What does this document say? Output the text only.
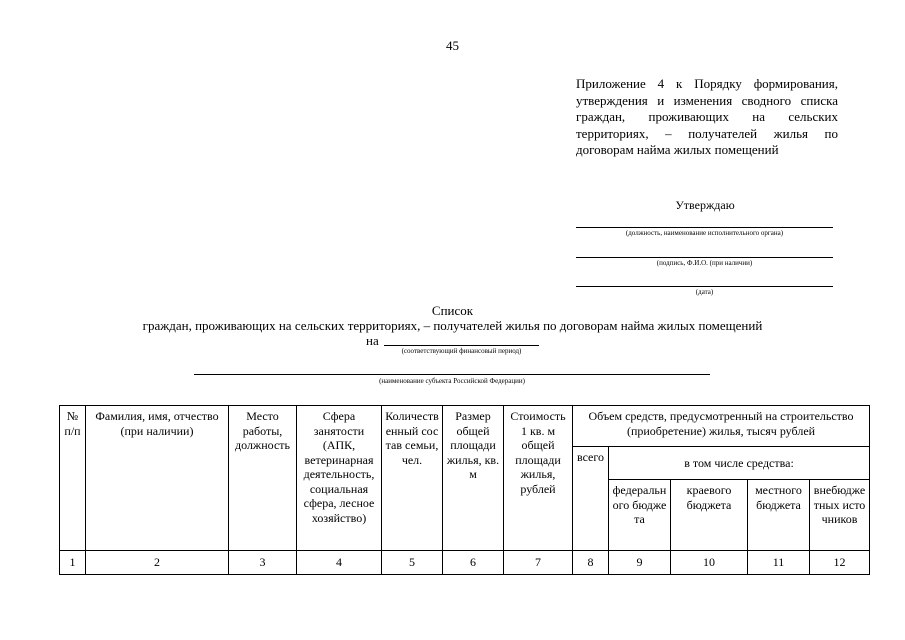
45
Приложение 4 к Порядку формирования, утверждения и изменения сводного списка граждан, проживающих на сельских территориях, – получателей жилья по договорам найма жилых помещений
Утверждаю
(должность, наименование исполнительного органа)
(подпись, Ф.И.О. (при наличии)
(дата)
Список
граждан, проживающих на сельских территориях, – получателей жилья по договорам найма жилых помещений
на
(соответствующий финансовый период)
(наименование субъекта Российской Федерации)
№ п/п	Фамилия, имя, отчество (при наличии)	Место работы, должность	Сфера занятости (АПК, ветеринарная деятельность, социальная сфера, лесное хозяйство)	Количественный состав семьи, чел.	Размер общей площади жилья, кв. м	Стоимость 1 кв. м общей площади жилья, рублей	Объем средств, предусмотренный на строительство (приобретение) жилья, тысяч рублей				
							всего	в том числе средства:			
								федерального бюджета	краевого бюджета	местного бюджета	внебюджетных источников
1	2	3	4	5	6	7	8	9	10	11	12
